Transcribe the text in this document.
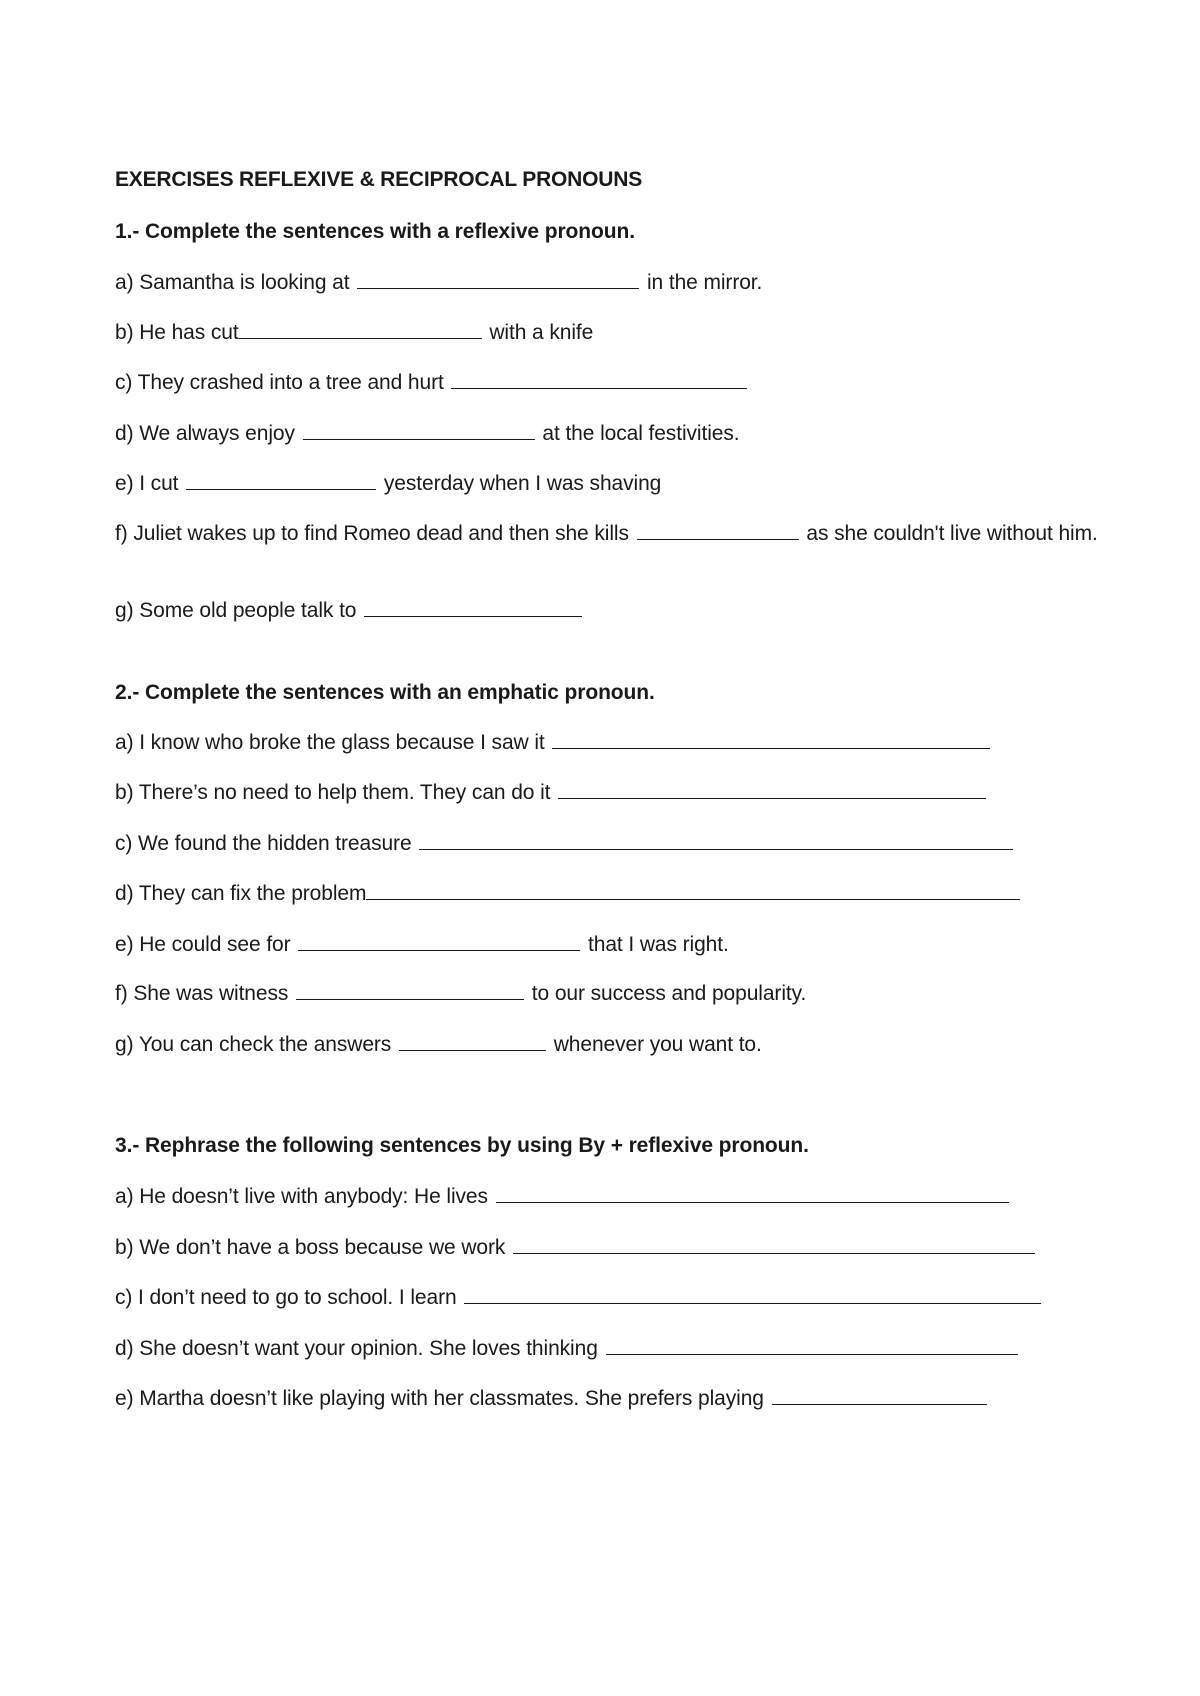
EXERCISES REFLEXIVE & RECIPROCAL PRONOUNS
1.- Complete the sentences with a reflexive pronoun.
a) Samantha is looking at	in the mirror.
b) He has cut	with a knife
c) They crashed into a tree and hurt
d) We always enjoy	at the local festivities.
e) I cut	yesterday when I was shaving
f) Juliet wakes up to find Romeo dead and then she kills	as she couldn't live without him.
g) Some old people talk to
2.- Complete the sentences with an emphatic pronoun.
a) I know who broke the glass because I saw it
b) There’s no need to help them. They can do it
c) We found the hidden treasure
d) They can fix the problem
e) He could see for	that I was right.
f) She was witness	to our success and popularity.
g) You can check the answers	whenever you want to.
3.- Rephrase the following sentences by using By + reflexive pronoun.
a) He doesn’t live with anybody: He lives
b) We don’t have a boss because we work
c) I don’t need to go to school. I learn
d) She doesn’t want your opinion. She loves thinking
e) Martha doesn’t like playing with her classmates. She prefers playing
